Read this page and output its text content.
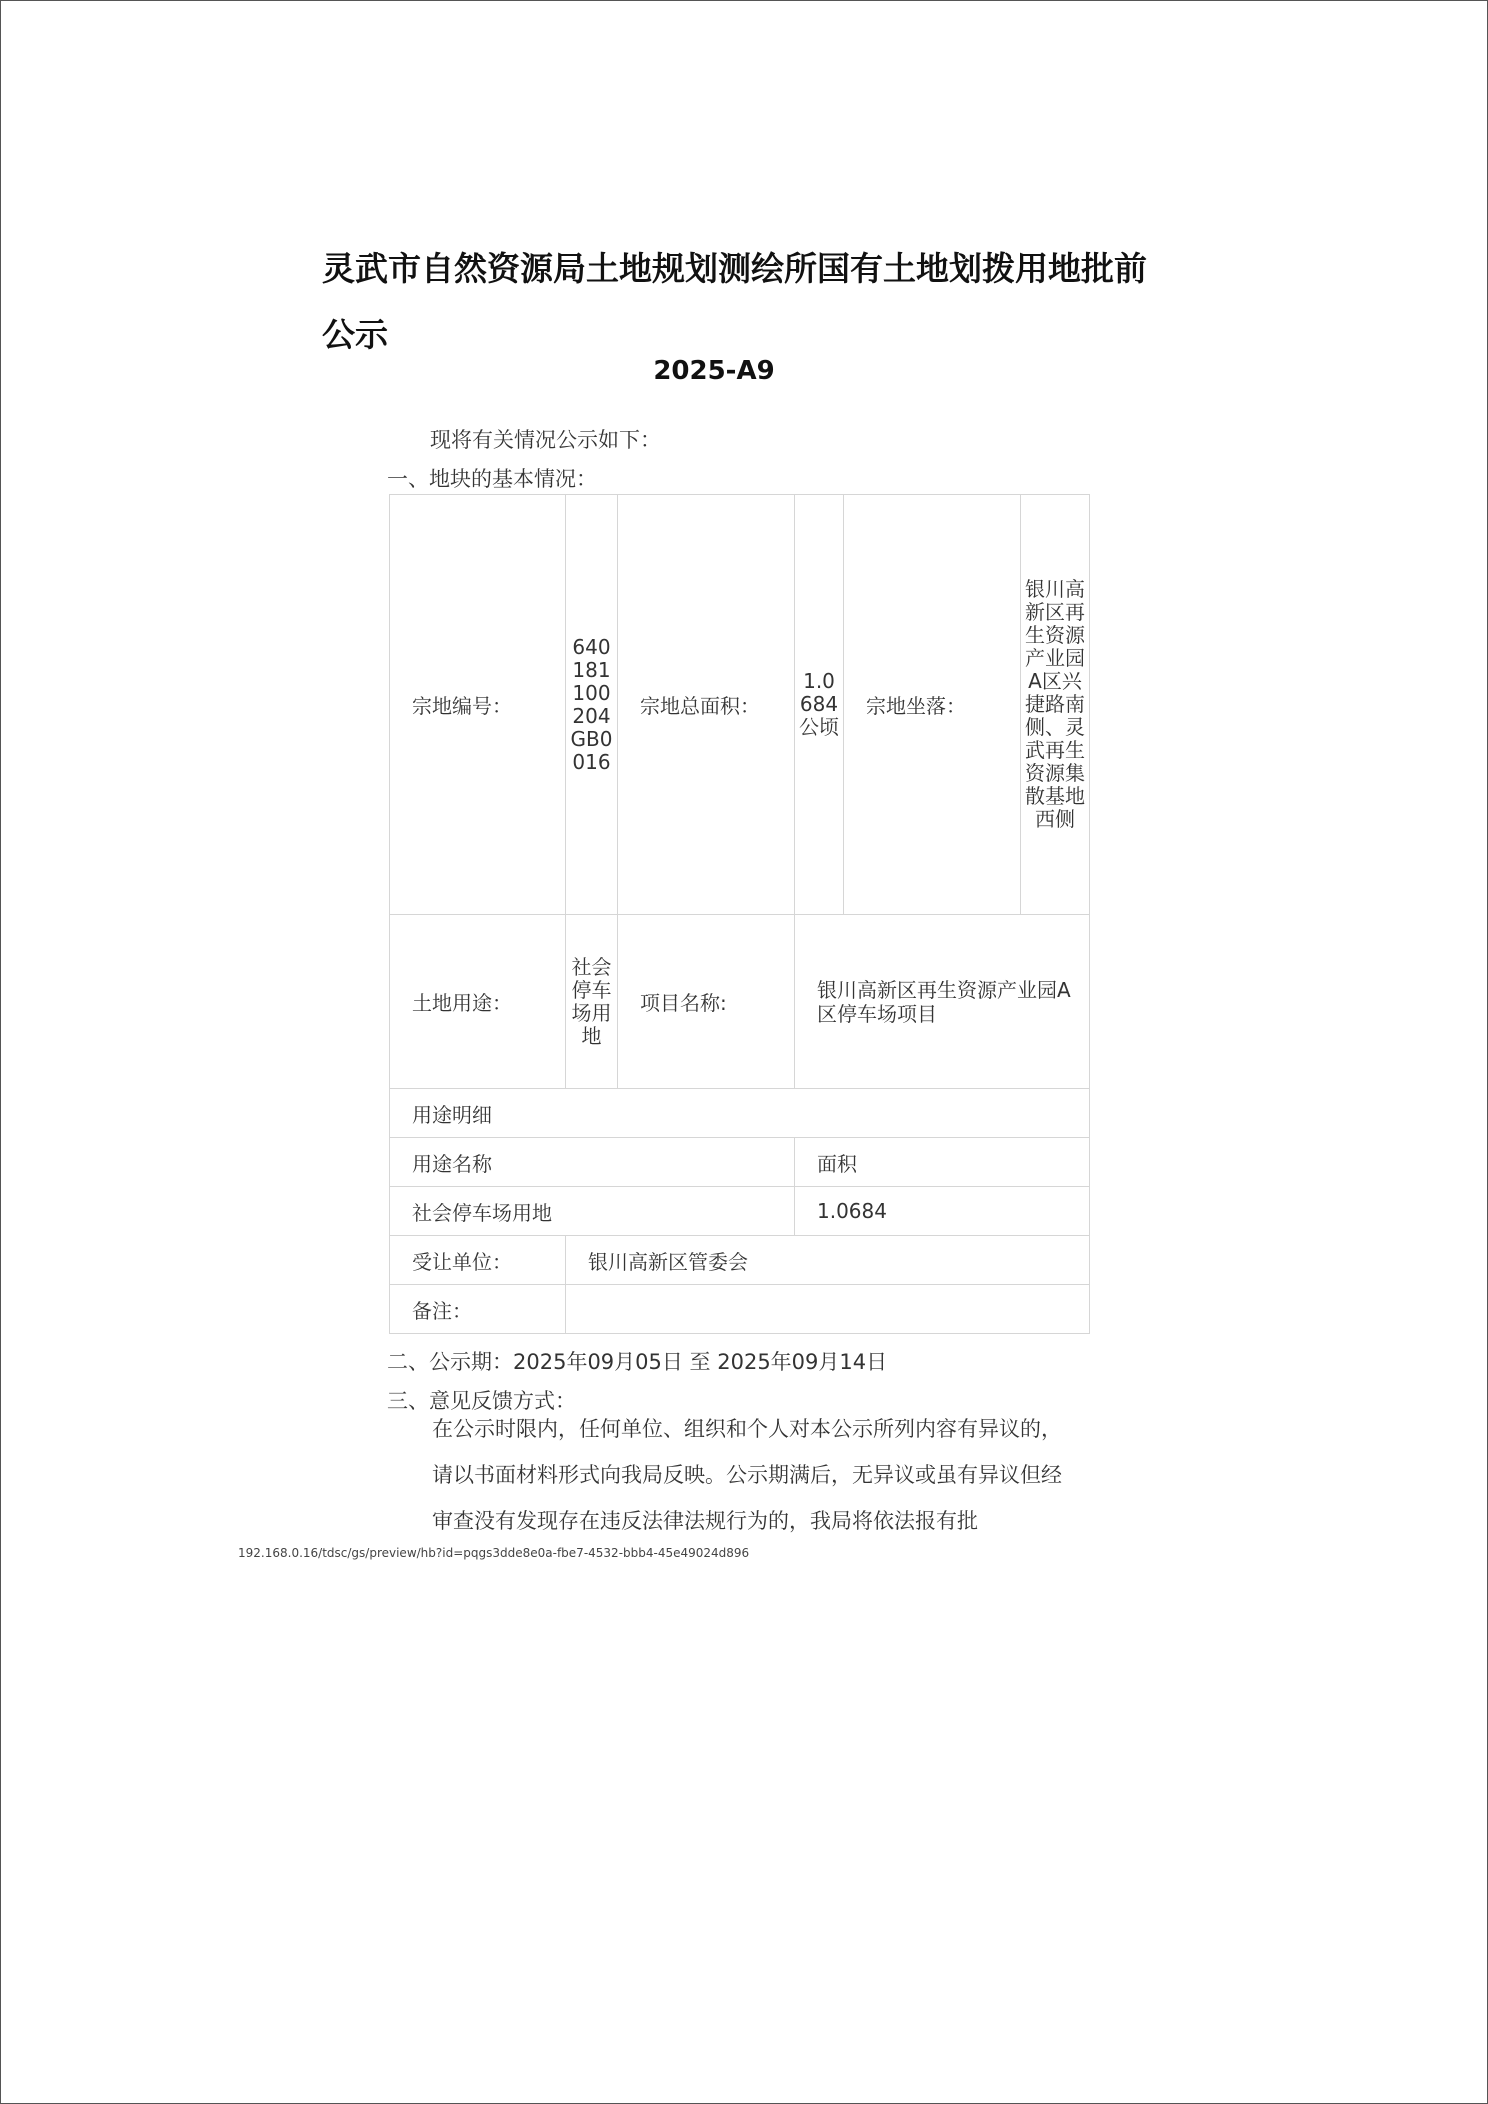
灵武市自然资源局土地规划测绘所国有土地划拨用地批前公示
2025-A9
现将有关情况公示如下：
一、地块的基本情况：
宗地编号：	640181100204GB0016	宗地总面积：	1.0684公顷	宗地坐落：	银川高新区再生资源产业园A区兴捷路南侧、灵武再生资源集散基地西侧
土地用途：	社会停车场用地	项目名称:	银川高新区再生资源产业园A区停车场项目		
用途明细					
用途名称			面积		
社会停车场用地			1.0684		
受让单位：	银川高新区管委会				
备注：					
二、公示期：2025年09月05日 至 2025年09月14日
三、意见反馈方式：
在公示时限内，任何单位、组织和个人对本公示所列内容有异议的，请以书面材料形式向我局反映。公示期满后，无异议或虽有异议但经审查没有发现存在违反法律法规行为的，我局将依法报有批
192.168.0.16/tdsc/gs/preview/hb?id=pqgs3dde8e0a-fbe7-4532-bbb4-45e49024d896
